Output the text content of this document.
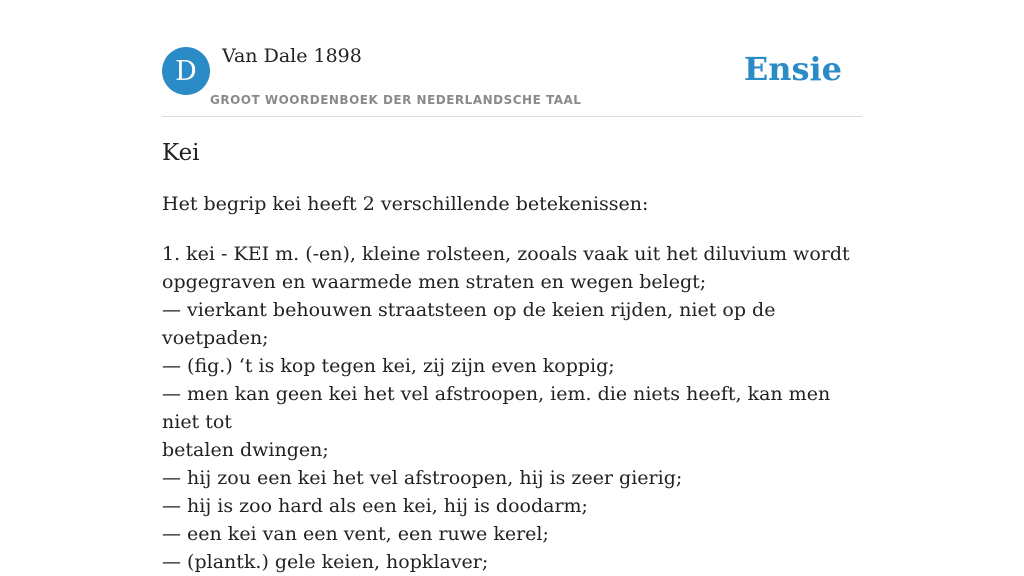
D	Van Dale 1898
GROOT WOORDENBOEK DER NEDERLANDSCHE TAAL
Ensie
Kei

Het begrip kei heeft 2 verschillende betekenissen:

1. kei - KEI m. (-en), kleine rolsteen, zooals vaak uit het diluvium wordt
opgegraven en waarmede men straten en wegen belegt;
— vierkant behouwen straatsteen op de keien rijden, niet op de voetpaden;
— (fig.) ‘t is kop tegen kei, zij zijn even koppig;
— men kan geen kei het vel afstroopen, iem. die niets heeft, kan men niet tot
betalen dwingen;
— hij zou een kei het vel afstroopen, hij is zeer gierig;
— hij is zoo hard als een kei, hij is doodarm;
— een kei van een vent, een ruwe kerel;
— (plantk.) gele keien, hopklaver;
